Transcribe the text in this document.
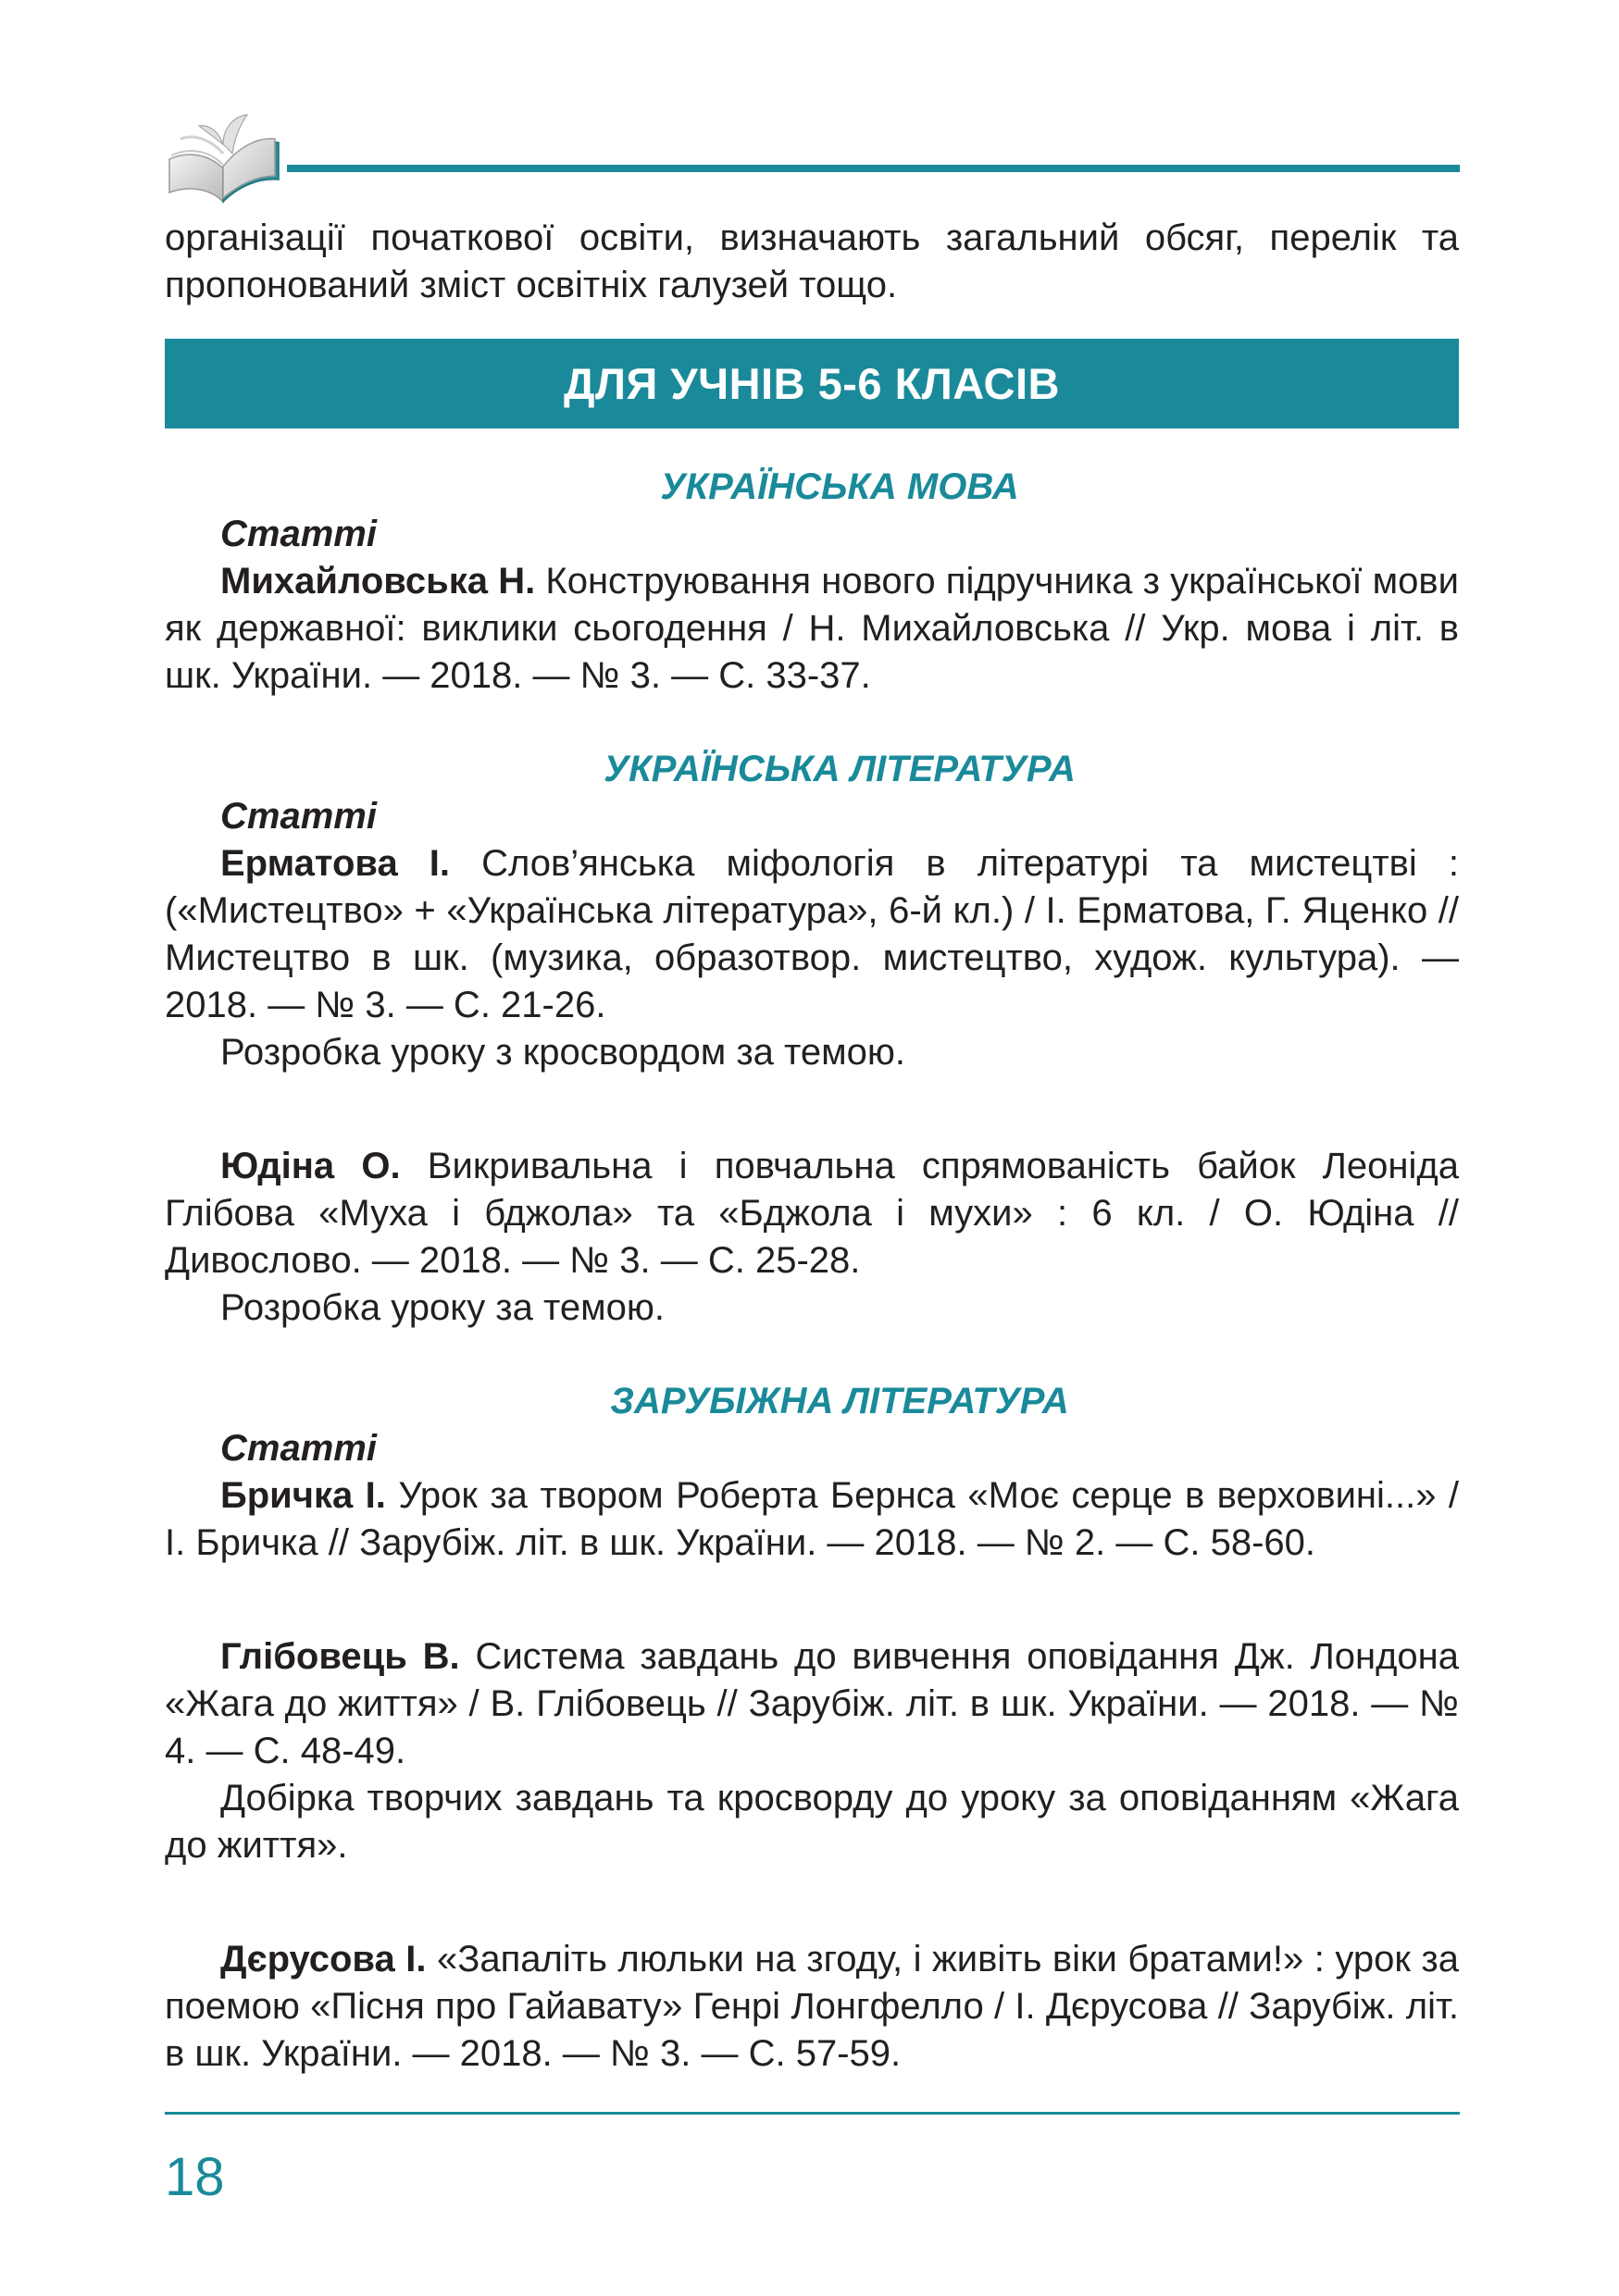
організації початкової освіти, визначають загальний обсяг, перелік та пропонований зміст освітніх галузей тощо.

ДЛЯ УЧНІВ 5-6 КЛАСІВ

УКРАЇНСЬКА МОВА

Статті

Михайловська Н. Конструювання нового підручника з української мови як державної: виклики сьогодення / Н. Михайловська // Укр. мова і літ. в шк. України. — 2018. — № 3. — С. 33-37.

УКРАЇНСЬКА ЛІТЕРАТУРА

Статті

Ерматова І. Слов’янська міфологія в літературі та мистецтві : («Мистецтво» + «Українська література», 6-й кл.) / І. Ерматова, Г. Яценко // Мистецтво в шк. (музика, образотвор. мистецтво, худож. культура). — 2018. — № 3. — С. 21-26.

Розробка уроку з кросвордом за темою.

Юдіна О. Викривальна і повчальна спрямованість байок Леоніда Глібова «Муха і бджола» та «Бджола і мухи» : 6 кл. / О. Юдіна // Дивослово. — 2018. — № 3. — С. 25-28.

Розробка уроку за темою.

ЗАРУБІЖНА ЛІТЕРАТУРА

Статті

Бричка І. Урок за твором Роберта Бернса «Моє серце в верховині...» / І. Бричка // Зарубіж. літ. в шк. України. — 2018. — № 2. — С. 58-60.

Глібовець В. Система завдань до вивчення оповідання Дж. Лондона «Жага до життя» / В. Глібовець // Зарубіж. літ. в шк. України. — 2018. — № 4. — С. 48-49.

Добірка творчих завдань та кросворду до уроку за оповіданням «Жага до життя».

Дєрусова І. «Запаліть люльки на згоду, і живіть віки братами!» : урок за поемою «Пісня про Гайавату» Генрі Лонгфелло / І. Дєрусова // Зарубіж. літ. в шк. України. — 2018. — № 3. — С. 57-59.

18
